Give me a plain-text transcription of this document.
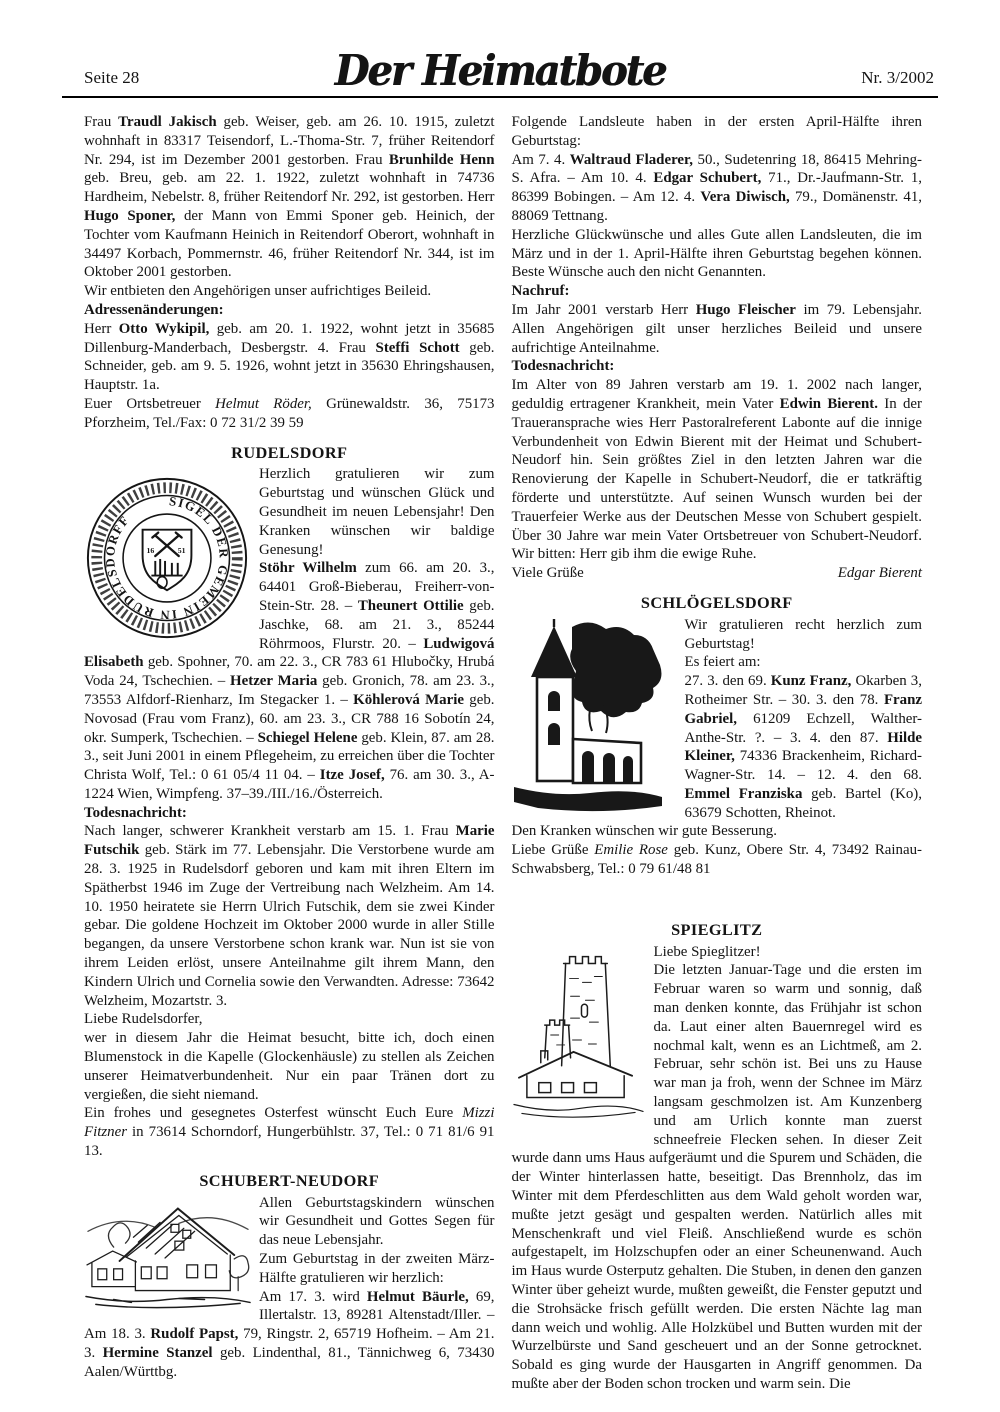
Seite 28	Der Heimatbote	Nr. 3/2002

Frau Traudl Jakisch geb. Weiser, geb. am 26. 10. 1915, zuletzt wohnhaft in 83317 Teisendorf, L.-Thoma-Str. 7, früher Reitendorf Nr. 294, ist im Dezember 2001 gestorben. Frau Brunhilde Henn geb. Breu, geb. am 22. 1. 1922, zuletzt wohnhaft in 74736 Hardheim, Nebelstr. 8, früher Reitendorf Nr. 292, ist gestorben. Herr Hugo Sponer, der Mann von Emmi Sponer geb. Heinich, der Tochter vom Kaufmann Heinich in Reitendorf Oberort, wohnhaft in 34497 Korbach, Pommernstr. 46, früher Reitendorf Nr. 344, ist im Oktober 2001 gestorben.

Wir entbieten den Angehörigen unser aufrichtiges Beileid.

Adressenänderungen:

Herr Otto Wykipil, geb. am 20. 1. 1922, wohnt jetzt in 35685 Dillenburg-Manderbach, Desbergstr. 4. Frau Steffi Schott geb. Schneider, geb. am 9. 5. 1926, wohnt jetzt in 35630 Ehringshausen, Hauptstr. 1a.

Euer Ortsbetreuer Helmut Röder, Grünewaldstr. 36, 75173 Pforzheim, Tel./Fax: 0 72 31/2 39 59

RUDELSDORF
SIGEL DER GEMEIN IN RUDELSDORFF
16	51

Herzlich gratulieren wir zum Geburtstag und wünschen Glück und Gesundheit im neuen Lebensjahr! Den Kranken wünschen wir baldige Genesung!

Stöhr Wilhelm zum 66. am 20. 3., 64401 Groß-Bieberau, Freiherr-von-Stein-Str. 28. – Theunert Ottilie geb. Jaschke, 68. am 21. 3., 85244 Röhrmoos, Flurstr. 20. – Ludwigová Elisabeth geb. Spohner, 70. am 22. 3., CR 783 61 Hlubočky, Hrubá Voda 24, Tschechien. – Hetzer Maria geb. Gronich, 78. am 23. 3., 73553 Alfdorf-Rienharz, Im Stegacker 1. – Köhlerová Marie geb. Novosad (Frau vom Franz), 60. am 23. 3., CR 788 16 Sobotín 24, okr. Sumperk, Tschechien. – Schiegel Helene geb. Klein, 87. am 28. 3., seit Juni 2001 in einem Pflegeheim, zu erreichen über die Tochter Christa Wolf, Tel.: 0 61 05/4 11 04. – Itze Josef, 76. am 30. 3., A-1224 Wien, Wimpfeng. 37–39./III./16./Österreich.

Todesnachricht:

Nach langer, schwerer Krankheit verstarb am 15. 1. Frau Marie Futschik geb. Stärk im 77. Lebensjahr. Die Verstorbene wurde am 28. 3. 1925 in Rudelsdorf geboren und kam mit ihren Eltern im Spätherbst 1946 im Zuge der Vertreibung nach Welzheim. Am 14. 10. 1950 heiratete sie Herrn Ulrich Futschik, dem sie zwei Kinder gebar. Die goldene Hochzeit im Oktober 2000 wurde in aller Stille begangen, da unsere Verstorbene schon krank war. Nun ist sie von ihrem Leiden erlöst, unsere Anteilnahme gilt ihrem Mann, den Kindern Ulrich und Cornelia sowie den Verwandten. Adresse: 73642 Welzheim, Mozartstr. 3.

Liebe Rudelsdorfer,

wer in diesem Jahr die Heimat besucht, bitte ich, doch einen Blumenstock in die Kapelle (Glockenhäusle) zu stellen als Zeichen unserer Heimatverbundenheit. Nur ein paar Tränen dort zu vergießen, die sieht niemand.

Ein frohes und gesegnetes Osterfest wünscht Euch Eure Mizzi Fitzner in 73614 Schorndorf, Hungerbühlstr. 37, Tel.: 0 71 81/6 91 13.

SCHUBERT-NEUDORF

Allen Geburtstagskindern wünschen wir Gesundheit und Gottes Segen für das neue Lebensjahr.

Zum Geburtstag in der zweiten März-Hälfte gratulieren wir herzlich:

Am 17. 3. wird Helmut Bäurle, 69, Illertalstr. 13, 89281 Altenstadt/Iller. – Am 18. 3. Rudolf Papst, 79, Ringstr. 2, 65719 Hofheim. – Am 21. 3. Hermine Stanzel geb. Lindenthal, 81., Tännichweg 6, 73430 Aalen/Württbg.

Folgende Landsleute haben in der ersten April-Hälfte ihren Geburtstag:

Am 7. 4. Waltraud Fladerer, 50., Sudetenring 18, 86415 Mehring-S. Afra. – Am 10. 4. Edgar Schubert, 71., Dr.-Jaufmann-Str. 1, 86399 Bobingen. – Am 12. 4. Vera Diwisch, 79., Domänenstr. 41, 88069 Tettnang.

Herzliche Glückwünsche und alles Gute allen Landsleuten, die im März und in der 1. April-Hälfte ihren Geburtstag begehen können. Beste Wünsche auch den nicht Genannten.

Nachruf:

Im Jahr 2001 verstarb Herr Hugo Fleischer im 79. Lebensjahr. Allen Angehörigen gilt unser herzliches Beileid und unsere aufrichtige Anteilnahme.

Todesnachricht:

Im Alter von 89 Jahren verstarb am 19. 1. 2002 nach langer, geduldig ertragener Krankheit, mein Vater Edwin Bierent. In der Traueransprache wies Herr Pastoralreferent Labonte auf die innige Verbundenheit von Edwin Bierent mit der Heimat und Schubert-Neudorf hin. Sein größtes Ziel in den letzten Jahren war die Renovierung der Kapelle in Schubert-Neudorf, die er tatkräftig förderte und unterstützte. Auf seinen Wunsch wurden bei der Trauerfeier Werke aus der Deutschen Messe von Schubert gespielt. Über 30 Jahre war mein Vater Ortsbetreuer von Schubert-Neudorf. Wir bitten: Herr gib ihm die ewige Ruhe.

Viele Grüße	Edgar Bierent

SCHLÖGELSDORF

Wir gratulieren recht herzlich zum Geburtstag!

Es feiert am:

27. 3. den 69. Kunz Franz, Okarben 3, Rotheimer Str. – 30. 3. den 78. Franz Gabriel, 61209 Echzell, Walther-Anthe-Str. ?. – 3. 4. den 87. Hilde Kleiner, 74336 Brackenheim, Richard-Wagner-Str. 14. – 12. 4. den 68. Emmel Franziska geb. Bartel (Ko), 63679 Schotten, Rheinot.

Den Kranken wünschen wir gute Besserung.

Liebe Grüße Emilie Rose geb. Kunz, Obere Str. 4, 73492 Rainau-Schwabsberg, Tel.: 0 79 61/48 81

SPIEGLITZ

Liebe Spieglitzer!

Die letzten Januar-Tage und die ersten im Februar waren so warm und sonnig, daß man denken konnte, das Frühjahr ist schon da. Laut einer alten Bauernregel wird es nochmal kalt, wenn es an Lichtmeß, am 2. Februar, sehr schön ist. Bei uns zu Hause war man ja froh, wenn der Schnee im März langsam geschmolzen ist. Am Kunzenberg und am Urlich konnte man zuerst schneefreie Flecken sehen. In dieser Zeit wurde dann ums Haus aufgeräumt und die Spurem und Schäden, die der Winter hinterlassen hatte, beseitigt. Das Brennholz, das im Winter mit dem Pferdeschlitten aus dem Wald geholt worden war, mußte jetzt gesägt und gespalten werden. Natürlich alles mit Menschenkraft und viel Fleiß. Anschließend wurde es schön aufgestapelt, im Holzschupfen oder an einer Scheunenwand. Auch im Haus wurde Osterputz gehalten. Die Stuben, in denen den ganzen Winter über geheizt wurde, mußten geweißt, die Fenster geputzt und die Strohsäcke frisch gefüllt werden. Die ersten Nächte lag man dann weich und wohlig. Alle Holzkübel und Butten wurden mit der Wurzelbürste und Sand gescheuert und an der Sonne getrocknet. Sobald es ging wurde der Hausgarten in Angriff genommen. Da mußte aber der Boden schon trocken und warm sein. Die
